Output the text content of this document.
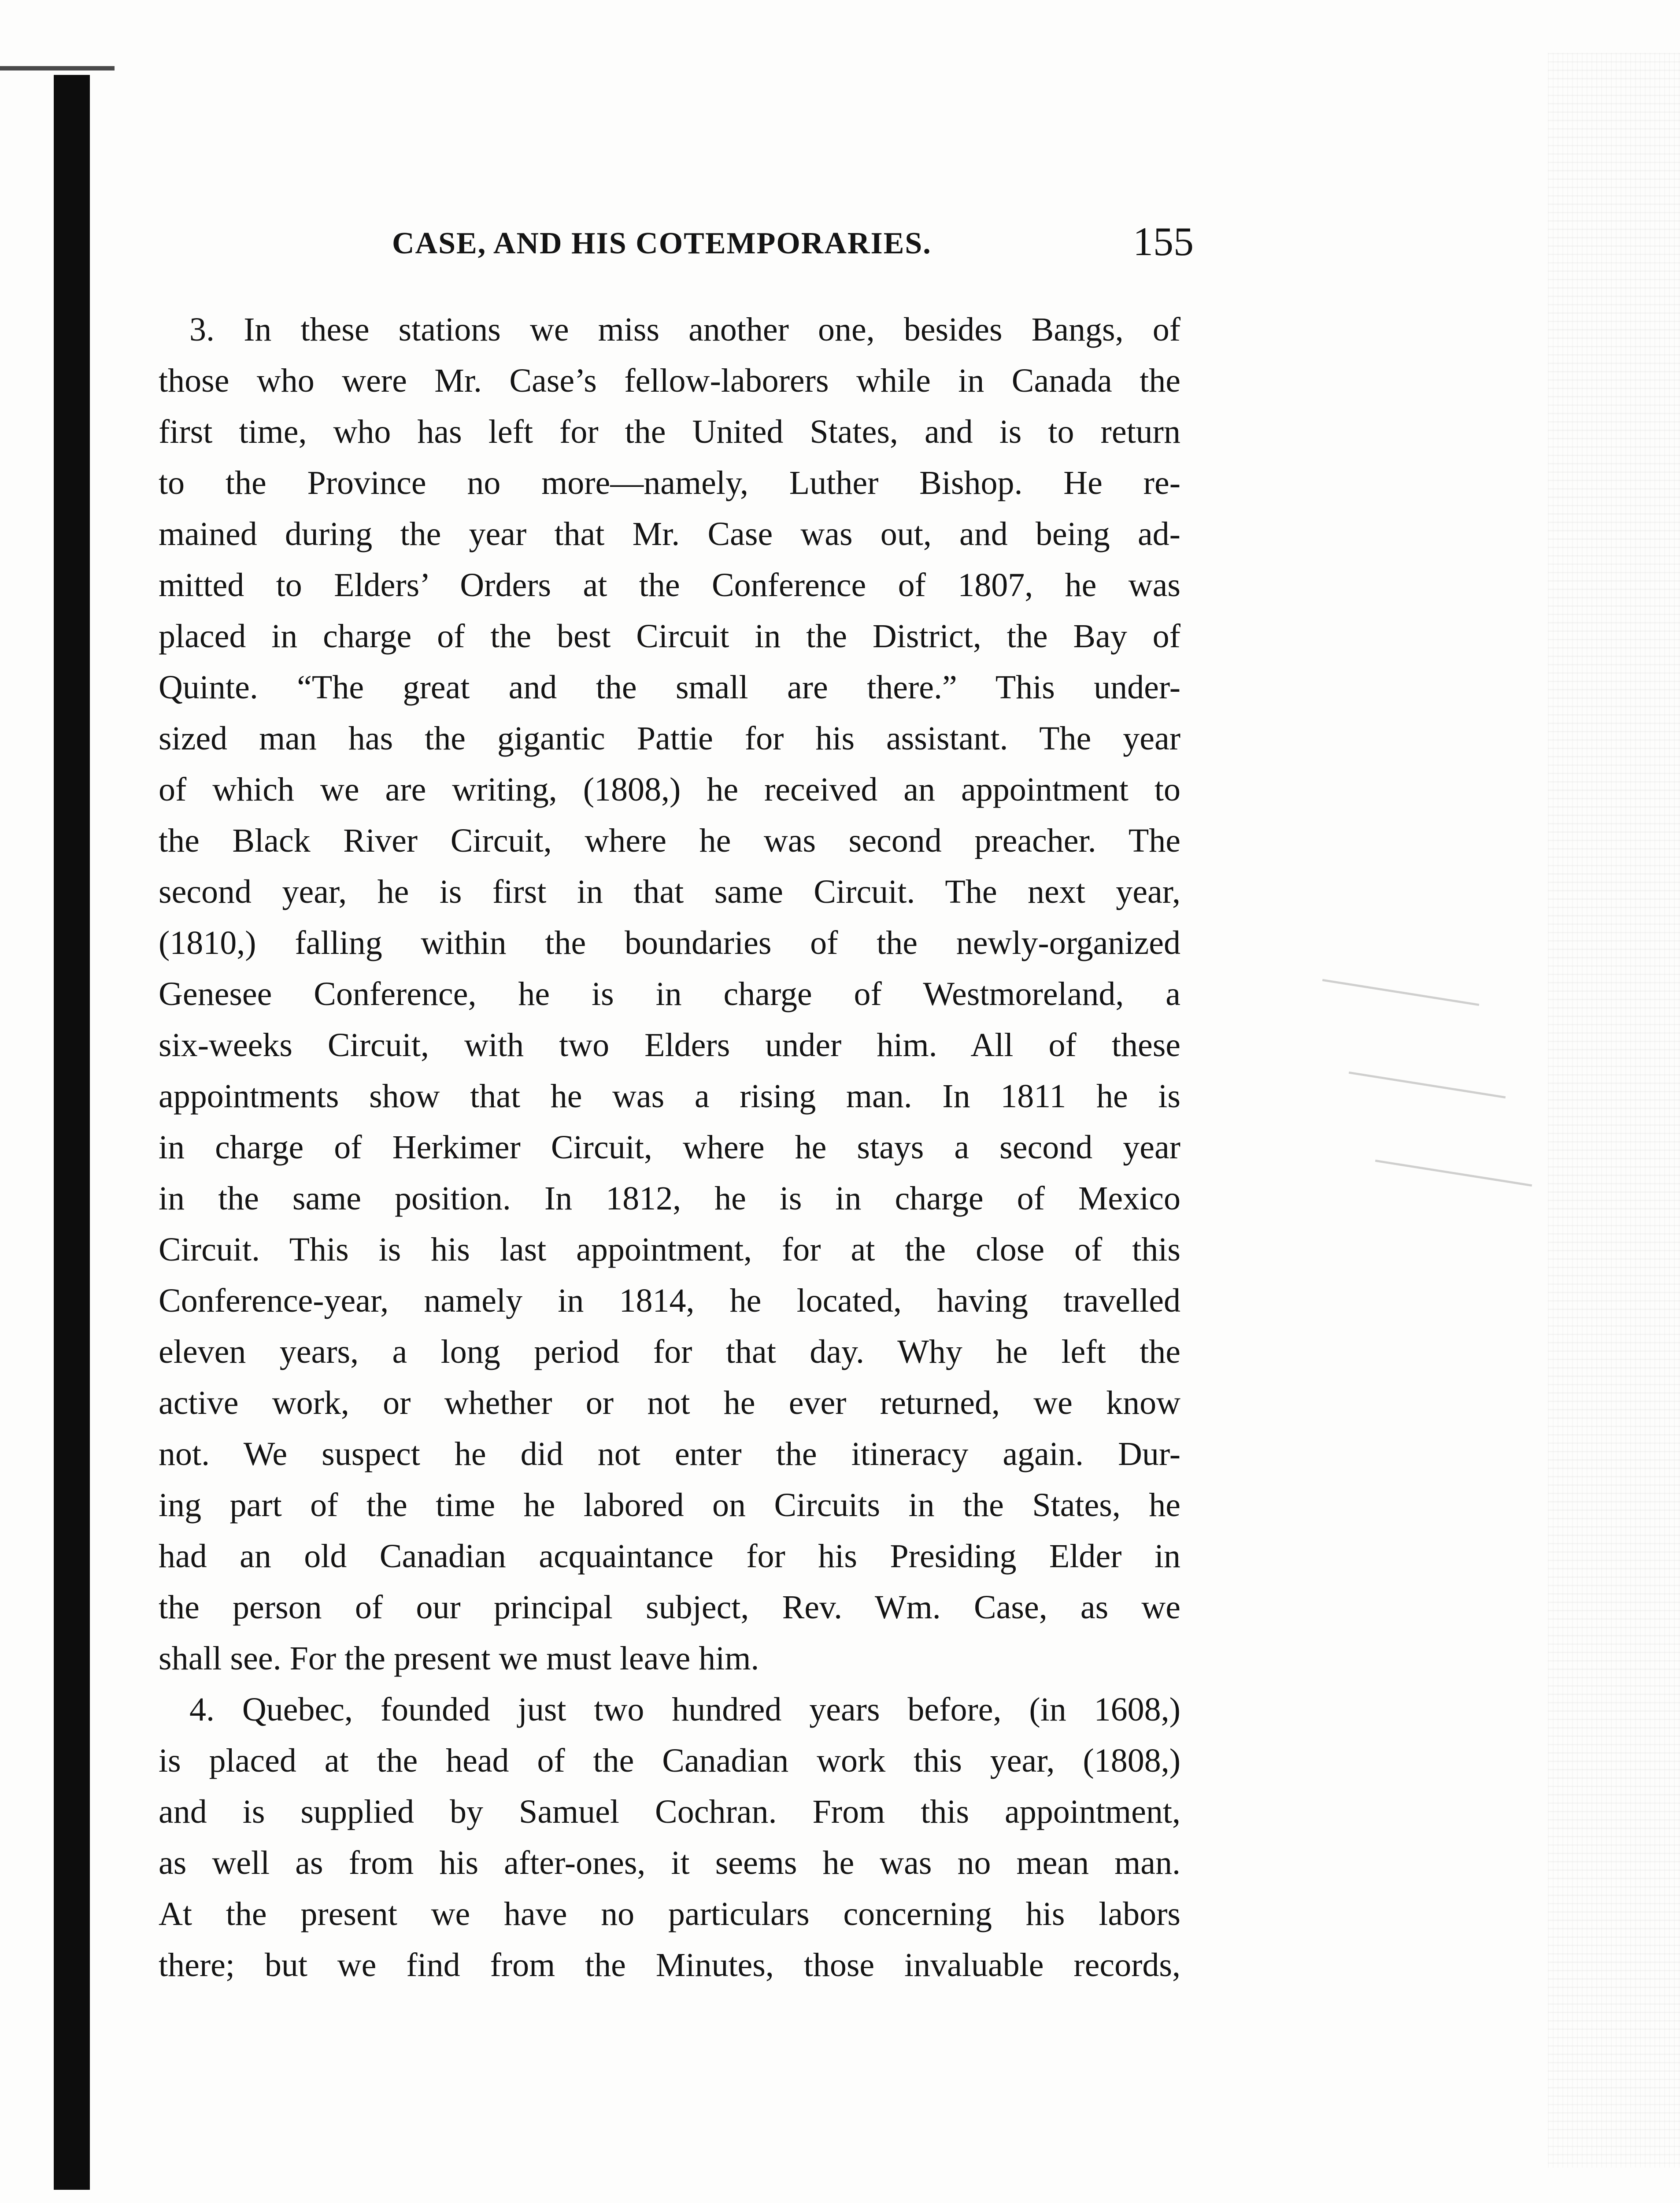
CASE, AND HIS COTEMPORARIES.	155
3. In these stations we miss another one, besides Bangs, of
those who were Mr. Case’s fellow-laborers while in Canada the
first time, who has left for the United States, and is to return
to the Province no more—namely, Luther Bishop. He re-
mained during the year that Mr. Case was out, and being ad-
mitted to Elders’ Orders at the Conference of 1807, he was
placed in charge of the best Circuit in the District, the Bay of
Quinte. “The great and the small are there.” This under-
sized man has the gigantic Pattie for his assistant. The year
of which we are writing, (1808,) he received an appointment to
the Black River Circuit, where he was second preacher. The
second year, he is first in that same Circuit. The next year,
(1810,) falling within the boundaries of the newly-organized
Genesee Conference, he is in charge of Westmoreland, a
six-weeks Circuit, with two Elders under him. All of these
appointments show that he was a rising man. In 1811 he is
in charge of Herkimer Circuit, where he stays a second year
in the same position. In 1812, he is in charge of Mexico
Circuit. This is his last appointment, for at the close of this
Conference-year, namely in 1814, he located, having travelled
eleven years, a long period for that day. Why he left the
active work, or whether or not he ever returned, we know
not. We suspect he did not enter the itineracy again. Dur-
ing part of the time he labored on Circuits in the States, he
had an old Canadian acquaintance for his Presiding Elder in
the person of our principal subject, Rev. Wm. Case, as we
shall see. For the present we must leave him.
4. Quebec, founded just two hundred years before, (in 1608,)
is placed at the head of the Canadian work this year, (1808,)
and is supplied by Samuel Cochran. From this appointment,
as well as from his after-ones, it seems he was no mean man.
At the present we have no particulars concerning his labors
there; but we find from the Minutes, those invaluable records,
